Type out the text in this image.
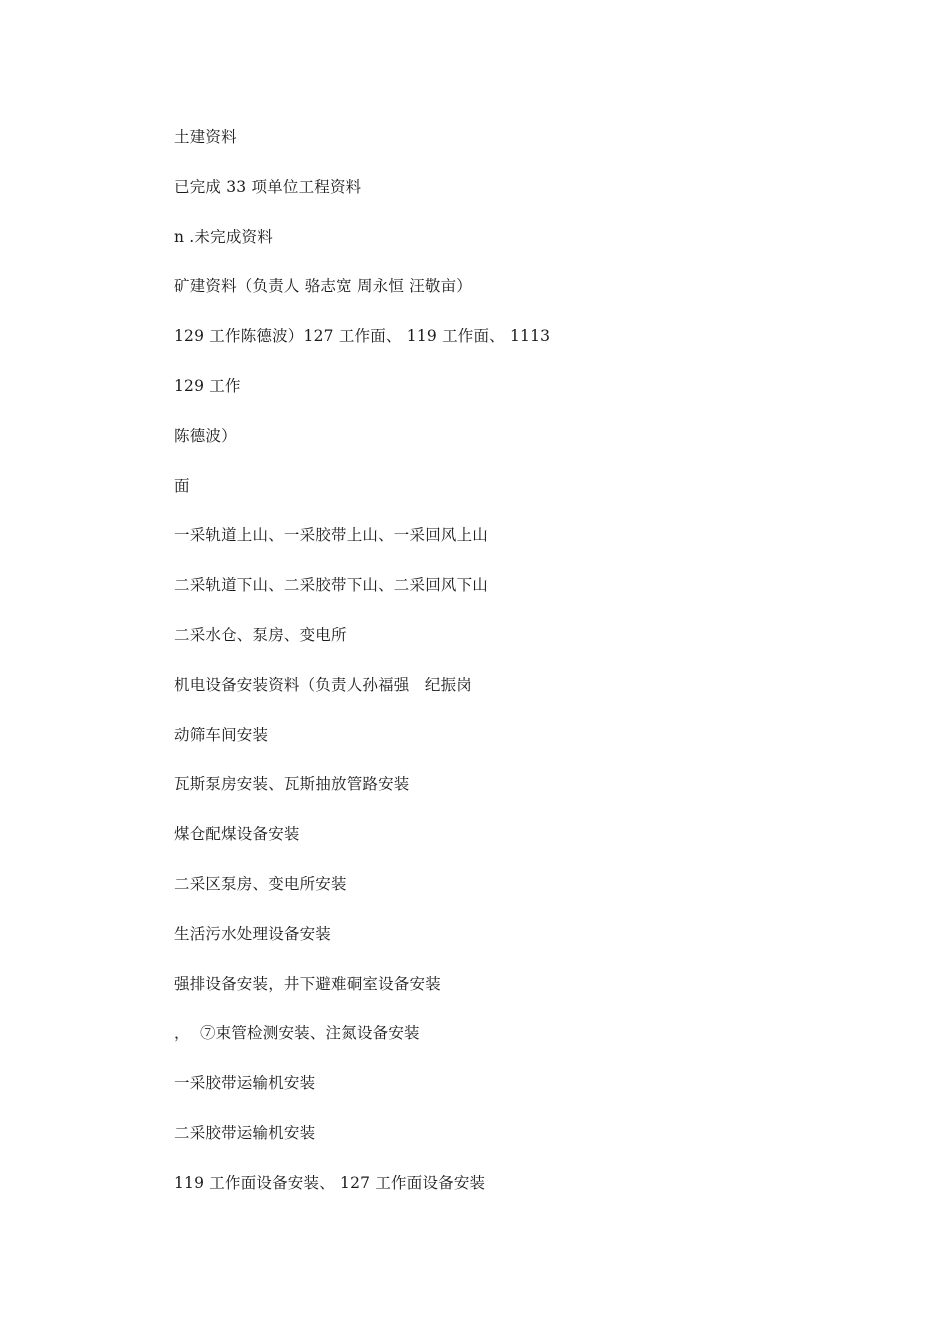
土建资料
已完成 33 项单位工程资料
n .未完成资料
矿建资料（负责人 骆志宽 周永恒 汪敬亩）
129 工作陈德波）127 工作面、 119 工作面、 1113
129 工作
陈德波）
面
一采轨道上山、一采胶带上山、一采回风上山
二采轨道下山、二采胶带下山、二采回风下山
二采水仓、泵房、变电所
机电设备安装资料（负责人孙福强   纪振岗
动筛车间安装
瓦斯泵房安装、瓦斯抽放管路安装
煤仓配煤设备安装
二采区泵房、变电所安装
生活污水处理设备安装
强排设备安装，井下避难硐室设备安装
，  ⑦束管检测安装、注氮设备安装
一采胶带运输机安装
二采胶带运输机安装
119 工作面设备安装、 127 工作面设备安装
